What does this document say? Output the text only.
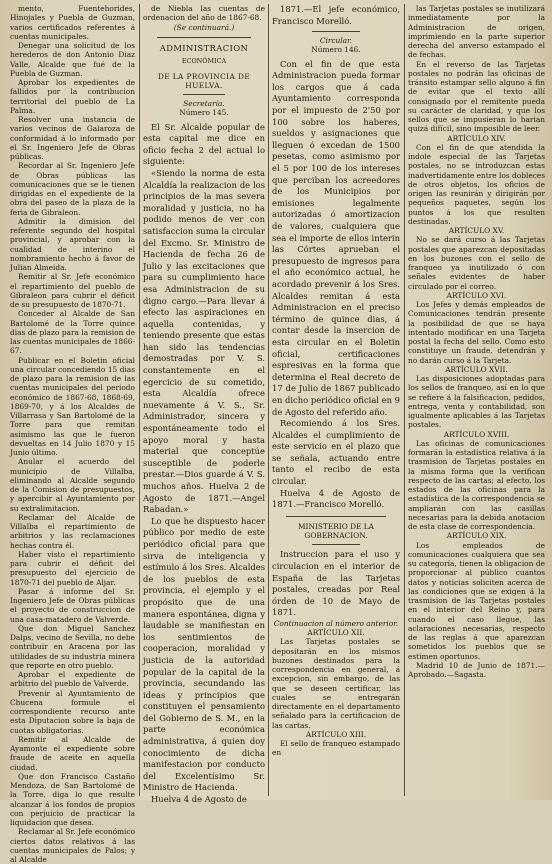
mento, Fuentehorides, Hinojales y Puebla de Guzman, varios certificados referentes á cuentas municipales.

Denegar una solicitud de los herederos de don Antonio Diaz Valle, Alcalde que fué de la Puebla de Guzman.

Aprobar los expedientes de fallidos por la contribucion territorial del pueblo de La Palma.

Resolver una instancia de varios vecinos de Galaroza de conformidad á lo informado por el Sr. Ingeniero Jefe de Obras públicas.

Recordar al Sr. Ingeniero Jefe de Obras públicas las comunicaciones que se le tienen dirigidas en el expediente de la obra del paseo de la plaza de la feria de Gibraleon.

Admitir la dimision del referente segundo del hospital provincial, y aprobar con la cualidad de interino el nombramiento hecho á favor de Julian Almeida.

Remitir al Sr. Jefe económico el repartimiento del pueblo de Gibraleon para cubrir el déficit de su presupuesto de 1870-71.

Conceder al Alcalde de San Bartolomé de la Torre quince dias de plazo para la remision de las cuentas municipales de 1866-67.

Publicar en el Boletin oficial una circular concediendo 15 dias de plazo para la remision de las cuentas municipales del periodo económico de 1867-68, 1868-69, 1869-70, y á los Alcaldes de Villarrasa y San Bartolomé de la Torre para que remitan asimismo las que le fueron devueltas en 14 Julio 1870 y 15 Junio último.

Anular el acuerdo del municipio de Villalba, eliminando al Alcalde segundo de la Comision de presupuestos, y apercibir al Ayuntamiento por su extralimitacion.

Reclamar del Alcalde de Villalba el repartimiento de arbitrios y las reclamaciones hechas contra él.

Haber visto el repartimiento para cubrir el déficit del presupuesto del ejercicio de 1870-71 del pueblo de Aljar.

Pasar á informe del Sr. Ingeniero Jefe de Obras públicas el proyecto de construccion de una casa-matadero de Valverde.

Que don Miguel Sanchez Dalps, vecino de Sevilla, no debe contribuir en Aracena por las utilidades de su industria minera que reporte en otro pueblo.

Aprobar el expediente de arbitrio del pueblo de Valverde.

Prevenir al Ayuntamiento de Chucena formule el correspondiente recurso ante esta Diputacion sobre la baja de cuotas obligatorias.

Remitir al Alcalde de Ayamonte el expediente sobre fraude de aceite en aquella ciudad.

Que don Francisco Castaño Mendoza, de San Bartolomé de la Torre, diga lo que resulte alcanzar á los fondos de propios con perjuicio de practicar la liquidacion que desea.

Reclamar al Sr. Jefe económico ciertos datos relativos á las cuentas municipales de Palos; y al Alcalde

de Niebla las cuentas de ordenacion del año de 1867-68.

(Se continuará.)

ADMINISTRACION

ECONÓMICA

DE LA PROVINCIA DE HUELVA.

Secretaría.

Número 145.

El Sr. Alcalde popular de esta capital me dice en oficio fecha 2 del actual lo siguiente:

«Siendo la norma de esta Alcaldía la realizacion de los principios de la mas severa moralidad y justicia, no ha podido menos de ver con satisfaccion suma la circular del Excmo. Sr. Ministro de Hacienda de fecha 26 de Julio y las excitaciones que para su cumplimiento hace esa Administracion de su digno cargo.—Para llevar á efecto las aspiraciones en aquella contenidas, y teniendo presente que estas han sido las tendencias demostradas por V. S. constantemente en el egercicio de su cometido, esta Alcaldía ofrece nuevamente á V. S., Sr. Administrador, sincera y espontáneamente todo el apoyo moral y hasta material que conceptúe susceptible de poderle prestar.—Dios guarde á V. S. muchos años. Huelva 2 de Agosto de 1871.—Angel Rabadan.»

Lo que he dispuesto hacer público por medio de este periódico oficial para que sirva de inteligencia y estímulo á los Sres. Alcaldes de los pueblos de esta provincia, el ejemplo y el propósito que de una manera espontánea, digna y laudable se manifiestan en los sentimientos de cooperacion, moralidad y justicia de la autoridad popular de la capital de la provincia, secundando las ideas y principios que constituyen el pensamiento del Gobierno de S. M., en la parte económica administrativa, á quien doy conocimiento de dicha manifestacion por conducto del Excelentísimo Sr. Ministro de Hacienda.

Huelva 4 de Agosto de

1871.—El jefe económico, Francisco Morelló.

Circular.

Número 146.

Con el fin de que esta Administracion pueda formar los cargos que á cada Ayuntamiento corresponda por el impuesto de 2'50 por 100 sobre los haberes, sueldos y asignaciones que lleguen ó excedan de 1500 pesetas, como asimismo por el 5 por 100 de los intereses que perciban los acreedores de los Municipios por emisiones legalmente autorizadas ó amortizacion de valores, cualquiera que sea el importe de ellos interin las Córtes aprueban el presupuesto de ingresos para el año económico actual, he acordado prevenir á los Sres. Alcaldes remitan á esta Administracion en el preciso término de quince dias, á contar desde la insercion de esta circular en el Boletin oficial, certificaciones espresivas en la forma que determina el Real decreto de 17 de Julio de 1867 publicado en dicho periódico oficial en 9 de Agosto del referido año.

Recomiendo á los Sres. Alcaldes el cumplimiento de este servicio en el plazo que se señala, actuando entre tanto el recibo de esta circular.

Huelva 4 de Agosto de 1871.—Francisco Morelló.

MINISTERIO DE LA GOBERNACION.

Instruccion para el uso y circulacion en el interior de España de las Tarjetas postales, creadas por Real órden de 10 de Mayo de 1871.

Continuacion al número anterior.

ARTÍCULO XII.

Las Tarjetas postales se depositarán en los mismos buzones destinados para la correspondencia en general, á excepcion, sin embargo, de las que se deseen certificar, las cuales se entregarán directamente en el departamento señalado para la certificacion de las cartas.

ARTÍCULO XIII.

El sello de franqueo estampado en

las Tarjetas postales se inutilizará inmediatamente por la Administracion de origen, imprimiendo en la parte superior derecha del anverso estampado el de fechas.

En el reverso de las Tarjetas postales no podrán las oficinas de tránsito estampar sello alguno á fin de evitar que el texto allí consignado por el remitente pueda su carácter de claridad, y que los sellos que se impusieran lo harian quizá difícil, sino imposible de leer.

ARTÍCULO XIV.

Con el fin de que atendida la índole especial de las Tarjetas postales, no se introduzcan estas inadvertidamente entre los dobleces de otros objetos, los oficios de origen las reunirán y dirigirán por pequeños paquetes, según los puntos á los que resulten destinadas.

ARTÍCULO XV.

No se dará curso á las Tarjetas postales que aparezcan depositadas en los buzones con el sello de franqueo ya inutilizado ó con señales evidentes de haber circulado por el correo.

ARTÍCULO XVI.

Los Jefes y demás empleados de Comunicaciones tendrán presente la posibilidad de que se haya intentado modificar en una Tarjeta postal la fecha del sello. Como esto constituye un fraude, detendrán y no darán curso á la Tarjeta.

ARTÍCULO XVII.

Las disposiciones adoptadas para los sellos de franqueo, así en lo que se refiere á la falsificacion, pedidos, entrega, venta y contabilidad, son igualmente aplicables á las Tarjetas postales.

ARTÍCULO XVIII.

Las oficinas de comunicaciones formarán la estadística relativa á la trasmision de Tarjetas postales en la misma forma que la verifican respecto de las cartas; al efecto, los estados de las oficinas para la estadística de la correspondencia se ampliarán con las casillas necesarias para la debida anotacion de esta clase de correspondencia.

ARTÍCULO XIX.

Los empleados de comunicaciones cualquiera que sea su categoría, tienen la obligacion de proporcionar al público cuantos datos y noticias soliciten acerca de las condiciones que se exigen á la trasmision de las Tarjetas postales en el interior del Reino y, para cuando el caso llegue, las aclaraciones necesarias, respecto de las reglas á que aparezcan sometidos los pueblos que se estimen oportunos.

Madrid 10 de Junio de 1871.—Aprobado.—Sagasta.
